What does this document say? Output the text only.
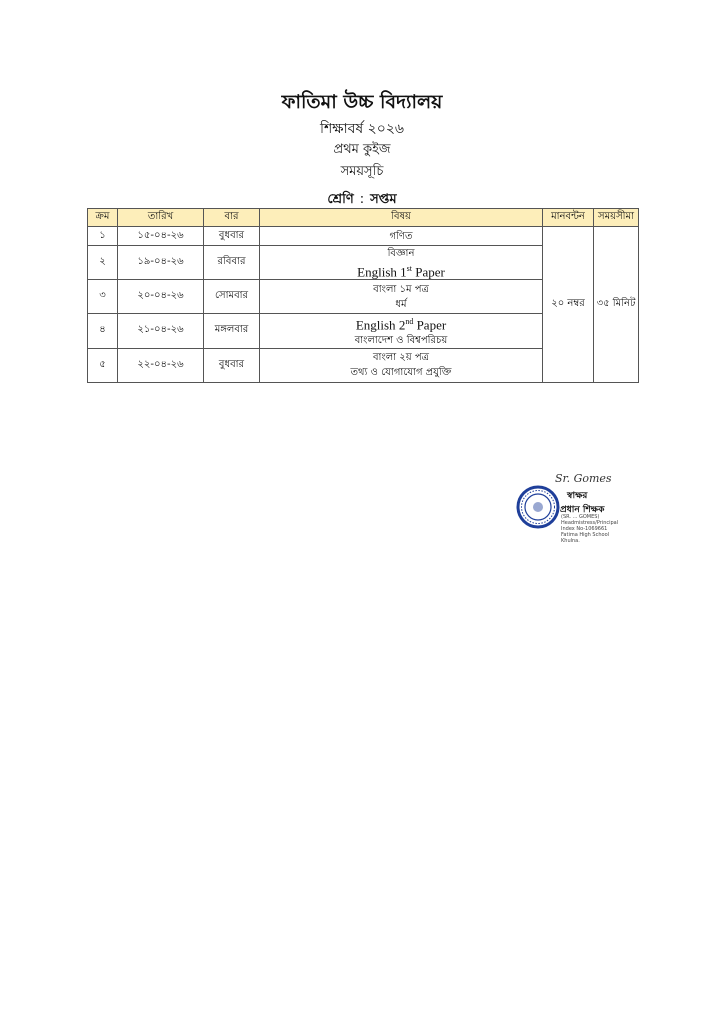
ফাতিমা উচ্চ বিদ্যালয়
শিক্ষাবর্ষ ২০২৬
প্রথম কুইজ
সময়সূচি
শ্রেণি : সপ্তম
ক্রম	তারিখ	বার	বিষয়	মানবন্টন	সময়সীমা
১	১৫-০৪-২৬	বুধবার	গণিত	২০ নম্বর	৩৫ মিনিট
২	১৯-০৪-২৬	রবিবার	বিজ্ঞান
English 1st Paper		

৩	২০-০৪-২৬	সোমবার	বাংলা ১ম পত্র
ধর্ম		

৪	২১-০৪-২৬	মঙ্গলবার	English 2nd Paper
বাংলাদেশ ও বিশ্বপরিচয়		

৫	২২-০৪-২৬	বুধবার	বাংলা ২য় পত্র
তথ্য ও যোগাযোগ প্রযুক্তি		
Sr. Gomes
স্বাক্ষর
প্রধান শিক্ষক
(SR. ... GOMES)
Headmistress/Principal
Index No-1069661
Fatima High School
Khulna.
